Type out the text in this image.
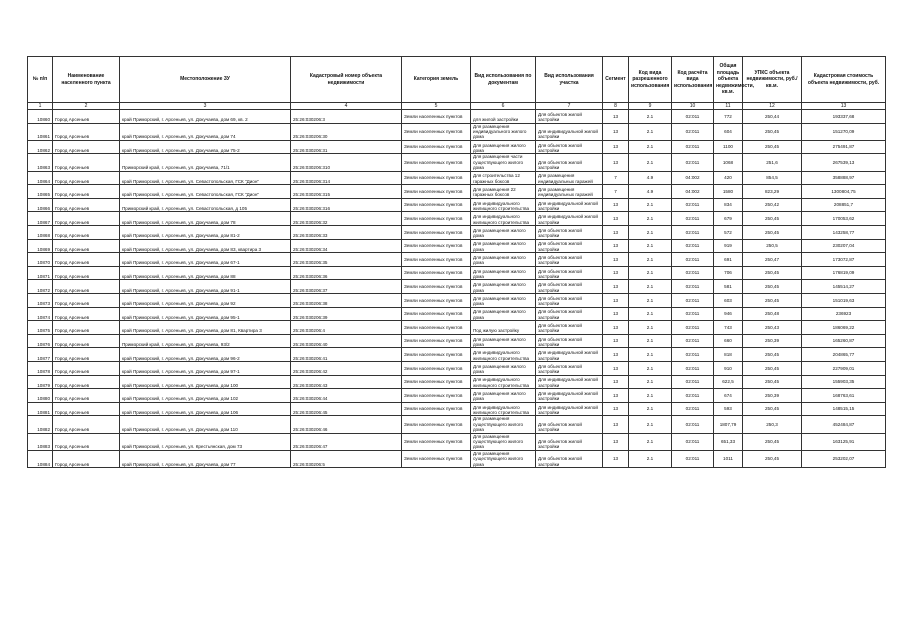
№ п/п	Наименование населенного пункта	Местоположение ЗУ	Кадастровый номер объекта недвижимости	Категория земель	Вид использования по документам	Вид использования участка	Сегмент	Код вида разрешенного использования	Код расчёта вида использования	Общая площадь объекта недвижимости, кв.м.	УПКС объекта недвижимости, руб./кв.м.	Кадастровая стоимость объекта недвижимости, руб.
1	2	3	4	5	6	7	8	9	10	11	12	13
10860	Город Арсеньев	край Приморский, г. Арсеньев, ул. Докучаева, дом 69, кв. 2	25:26:030206:3	Земли населенных пунктов	для жилой застройки	Для объектов жилой застройки	13	2.1	02:011	772	250,44	193337,68
10861	Город Арсеньев	край Приморский, г. Арсеньев, ул. Докучаева, дом 74	25:26:030206:30	Земли населенных пунктов	Для размещения индивидуального жилого дома	Для индивидуальной жилой застройки	13	2.1	02:011	604	250,45	151270,09
10862	Город Арсеньев	край Приморский, г. Арсеньев, ул. Докучаева, дом 75-2	25:26:030206:31	Земли населенных пунктов	Для размещения жилого дома	Для объектов жилой застройки	13	2.1	02:011	1100	250,45	275491,87
10863	Город Арсеньев	Приморский край, г. Арсеньев, ул. Докучаева, 71/1	25:26:030206:310	Земли населенных пунктов	Для размещения части существующего жилого дома	Для объектов жилой застройки	13	2.1	02:011	1068	251,6	267539,13
10864	Город Арсеньев	край Приморский, г. Арсеньев, ул. Севастопольская, ГСК "Дион"	25:26:030206:314	Земли населенных пунктов	Для строительства 12 гаражных боксов	Для размещения индивидуальных гаражей	7	4.9	04:002	420	854,5	358888,97
10865	Город Арсеньев	край Приморский, г. Арсеньев, ул. Севастопольская, ГСК "Дион"	25:26:030206:315	Земли населенных пунктов	Для размещения 22 гаражных боксов	Для размещения индивидуальных гаражей	7	4.9	04:002	1580	823,29	1300804,75
10866	Город Арсеньев	Приморский край, г. Арсеньев, ул. Севастопольская, д 105	25:26:030206:316	Земли населенных пунктов	Для индивидуального жилищного строительства	Для индивидуальной жилой застройки	13	2.1	02:011	834	250,42	208851,7
10867	Город Арсеньев	край Приморский, г. Арсеньев, ул. Докучаева, дом 78	25:26:030206:32	Земли населенных пунктов	Для индивидуального жилищного строительства	Для индивидуальной жилой застройки	13	2.1	02:011	679	250,45	170053,62
10868	Город Арсеньев	край Приморский, г. Арсеньев, ул. Докучаева, дом 81-2	25:26:030206:33	Земли населенных пунктов	Для размещения жилого дома	Для объектов жилой застройки	13	2.1	02:011	572	250,45	143258,77
10869	Город Арсеньев	край Приморский, г. Арсеньев, ул. Докучаева, дом 83, квартира 3	25:26:030206:34	Земли населенных пунктов	Для размещения жилого дома	Для объектов жилой застройки	13	2.1	02:011	919	250,5	230207,04
10870	Город Арсеньев	край Приморский, г. Арсеньев, ул. Докучаева, дом 67-1	25:26:030206:35	Земли населенных пунктов	Для размещения жилого дома	Для объектов жилой застройки	13	2.1	02:011	691	250,47	173072,87
10871	Город Арсеньев	край Приморский, г. Арсеньев, ул. Докучаева, дом 88	25:26:030206:36	Земли населенных пунктов	Для размещения жилого дома	Для объектов жилой застройки	13	2.1	02:011	706	250,45	176819,09
10872	Город Арсеньев	край Приморский, г. Арсеньев, ул. Докучаева, дом 91-1	25:26:030206:37	Земли населенных пунктов	Для размещения жилого дома	Для объектов жилой застройки	13	2.1	02:011	581	250,45	145514,27
10873	Город Арсеньев	край Приморский, г. Арсеньев, ул. Докучаева, дом 92	25:26:030206:38	Земли населенных пунктов	Для размещения жилого дома	Для объектов жилой застройки	13	2.1	02:011	603	250,45	151019,63
10874	Город Арсеньев	край Приморский, г. Арсеньев, ул. Докучаева, дом 95-1	25:26:030206:39	Земли населенных пунктов	Для размещения жилого дома	Для объектов жилой застройки	13	2.1	02:011	946	250,48	236923
10875	Город Арсеньев	край Приморский, г. Арсеньев, ул. Докучаева, дом 81, Квартира 3	25:26:030206:4	Земли населенных пунктов	Под жилую застройку	Для объектов жилой застройки	13	2.1	02:011	743	250,43	186069,22
10876	Город Арсеньев	Приморский край, г. Арсеньев, ул. Докучаева, 93/2	25:26:030206:40	Земли населенных пунктов	Для размещения жилого дома	Для объектов жилой застройки	13	2.1	02:011	660	250,39	165260,87
10877	Город Арсеньев	край Приморский, г. Арсеньев, ул. Докучаева, дом 96-2	25:26:030206:41	Земли населенных пунктов	Для индивидуального жилищного строительства	Для индивидуальной жилой застройки	13	2.1	02:011	818	250,45	204865,77
10878	Город Арсеньев	край Приморский, г. Арсеньев, ул. Докучаева, дом 97-1	25:26:030206:42	Земли населенных пунктов	Для размещения жилого дома	Для объектов жилой застройки	13	2.1	02:011	910	250,45	227909,01
10879	Город Арсеньев	край Приморский, г. Арсеньев, ул. Докучаева, дом 100	25:26:030206:43	Земли населенных пунктов	Для индивидуального жилищного строительства	Для индивидуальной жилой застройки	13	2.1	02:011	622,5	250,45	155903,35
10880	Город Арсеньев	край Приморский, г. Арсеньев, ул. Докучаева, дом 102	25:26:030206:44	Земли населенных пунктов	Для размещения жилого дома	Для индивидуальной жилой застройки	13	2.1	02:011	674	250,39	168763,61
10881	Город Арсеньев	край Приморский, г. Арсеньев, ул. Докучаева, дом 106	25:26:030206:45	Земли населенных пунктов	Для индивидуального жилищного строительства	Для индивидуальной жилой застройки	13	2.1	02:011	593	250,45	148515,15
10882	Город Арсеньев	край Приморский, г. Арсеньев, ул. Докучаева, дом 110	25:26:030206:46	Земли населенных пунктов	Для размещения существующего жилого дома	Для объектов жилой застройки	13	2.1	02:011	1807,79	250,3	452484,87
10883	Город Арсеньев	край Приморский, г. Арсеньев, ул. Крестьянская, дом 73	25:26:030206:47	Земли населенных пунктов	Для размещения существующего жилого дома	Для объектов жилой застройки	13	2.1	02:011	651,33	250,45	163125,91
10884	Город Арсеньев	край Приморский, г. Арсеньев, ул. Докучаева, дом 77	25:26:030206:5	Земли населенных пунктов	Для размещения существующего жилого дома	Для объектов жилой застройки	13	2.1	02:011	1011	250,45	253202,07
